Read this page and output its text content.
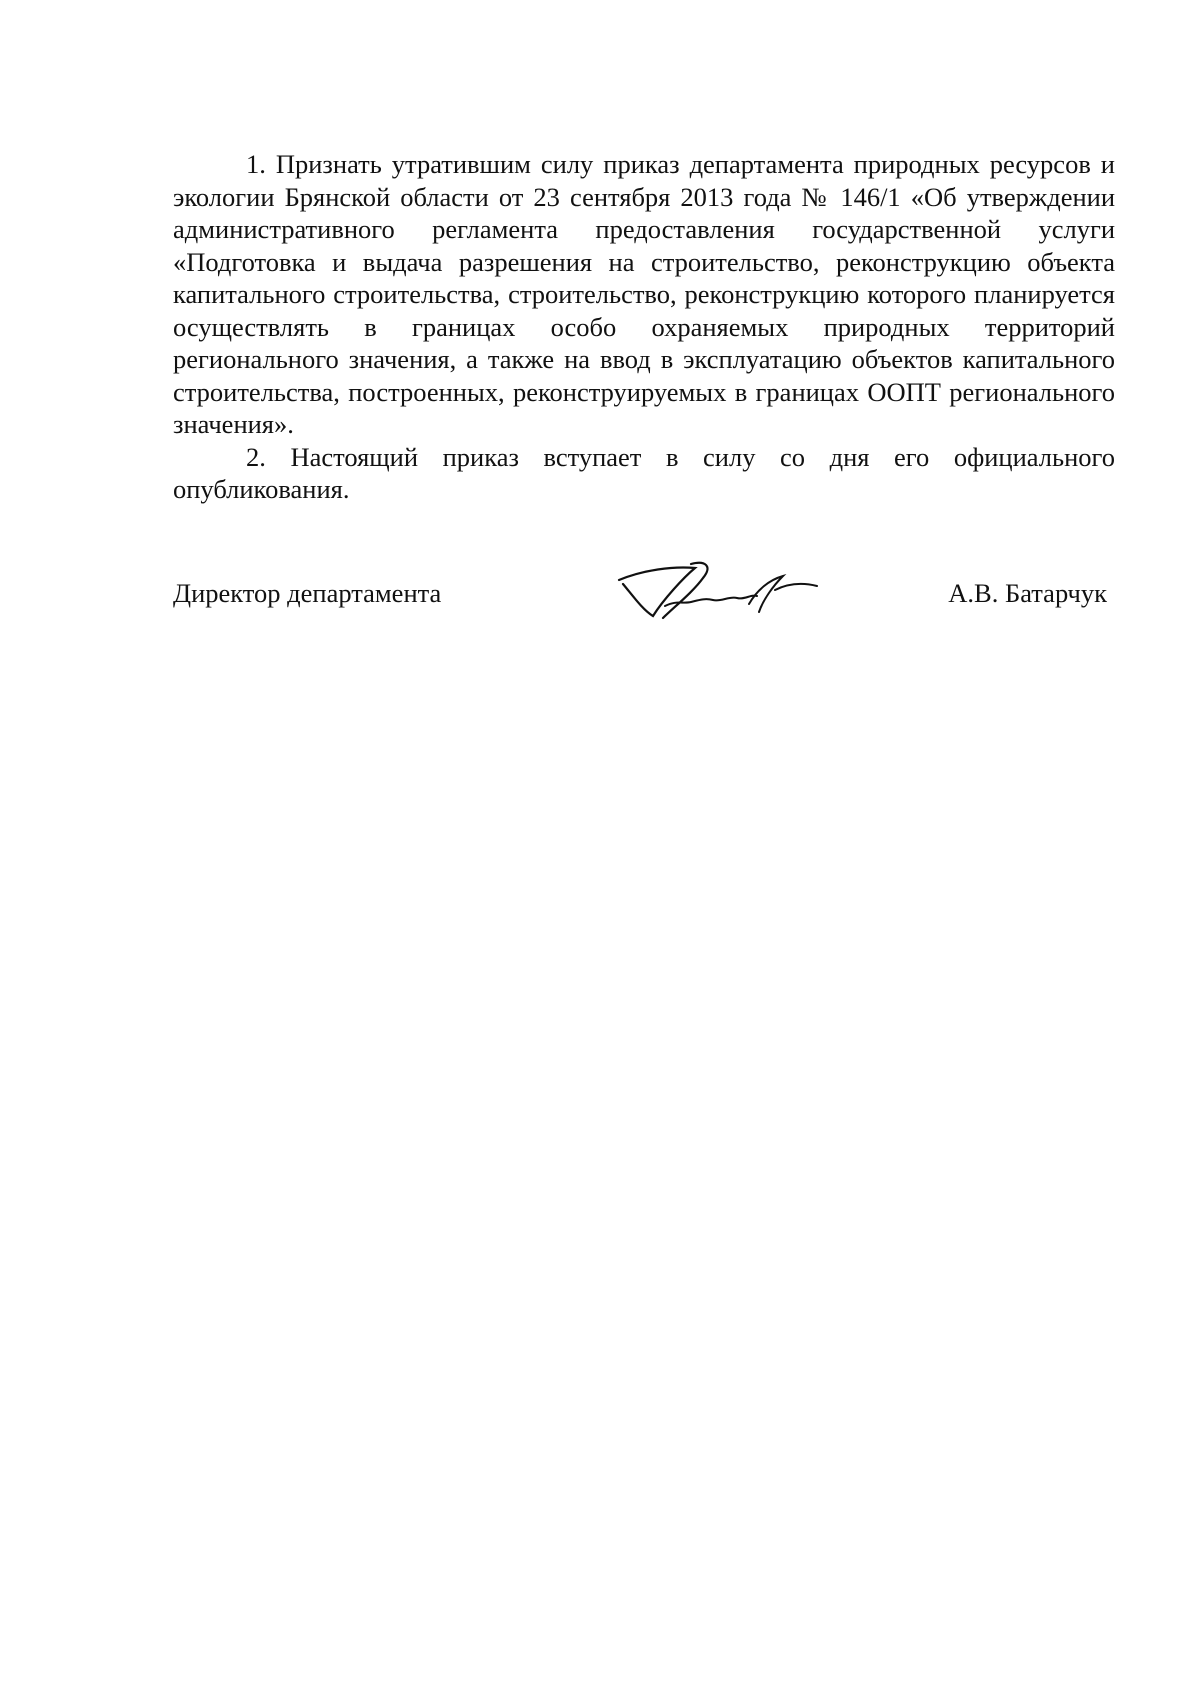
1. Признать утратившим силу приказ департамента природных ресурсов и экологии Брянской области от 23 сентября 2013 года № 146/1 «Об утверждении административного регламента предоставления государственной услуги «Подготовка и выдача разрешения на строительство, реконструкцию объекта капитального строительства, строительство, реконструкцию которого планируется осуществлять в границах особо охраняемых природных территорий регионального значения, а также на ввод в эксплуатацию объектов капитального строительства, построенных, реконструируемых в границах ООПТ регионального значения».

2. Настоящий приказ вступает в силу со дня его официального опубликования.

Директор департамента	А.В. Батарчук
